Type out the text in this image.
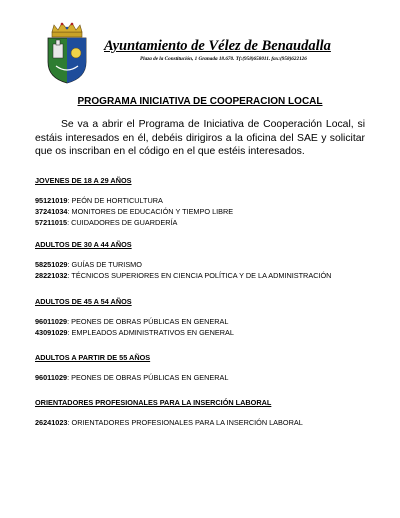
Ayuntamiento de Vélez de Benaudalla
Plaza de la Constitución, 1 Granada 18.670. Tf:(958)658011. fax:(958)622126
PROGRAMA INICIATIVA DE COOPERACION LOCAL

Se va a abrir el Programa de Iniciativa de Cooperación Local, si estáis interesados en él, debéis dirigiros a la oficina del SAE y solicitar que os inscriban en el código en el que estéis interesados.

JOVENES DE 18 A 29 AÑOS

95121019: PEÓN DE HORTICULTURA

37241034: MONITORES DE EDUCACIÓN Y TIEMPO LIBRE

57211015: CUIDADORES DE GUARDERÍA

ADULTOS DE 30 A 44 AÑOS

58251029: GUÍAS DE TURISMO

28221032: TÉCNICOS SUPERIORES EN CIENCIA POLÍTICA Y DE LA ADMINISTRACIÓN

ADULTOS DE 45 A 54 AÑOS

96011029: PEONES DE OBRAS PÚBLICAS EN GENERAL

43091029: EMPLEADOS ADMINISTRATIVOS EN GENERAL

ADULTOS A PARTIR DE 55 AÑOS

96011029: PEONES DE OBRAS PÚBLICAS EN GENERAL

ORIENTADORES PROFESIONALES PARA LA INSERCIÓN LABORAL

26241023: ORIENTADORES PROFESIONALES PARA LA INSERCIÓN LABORAL
